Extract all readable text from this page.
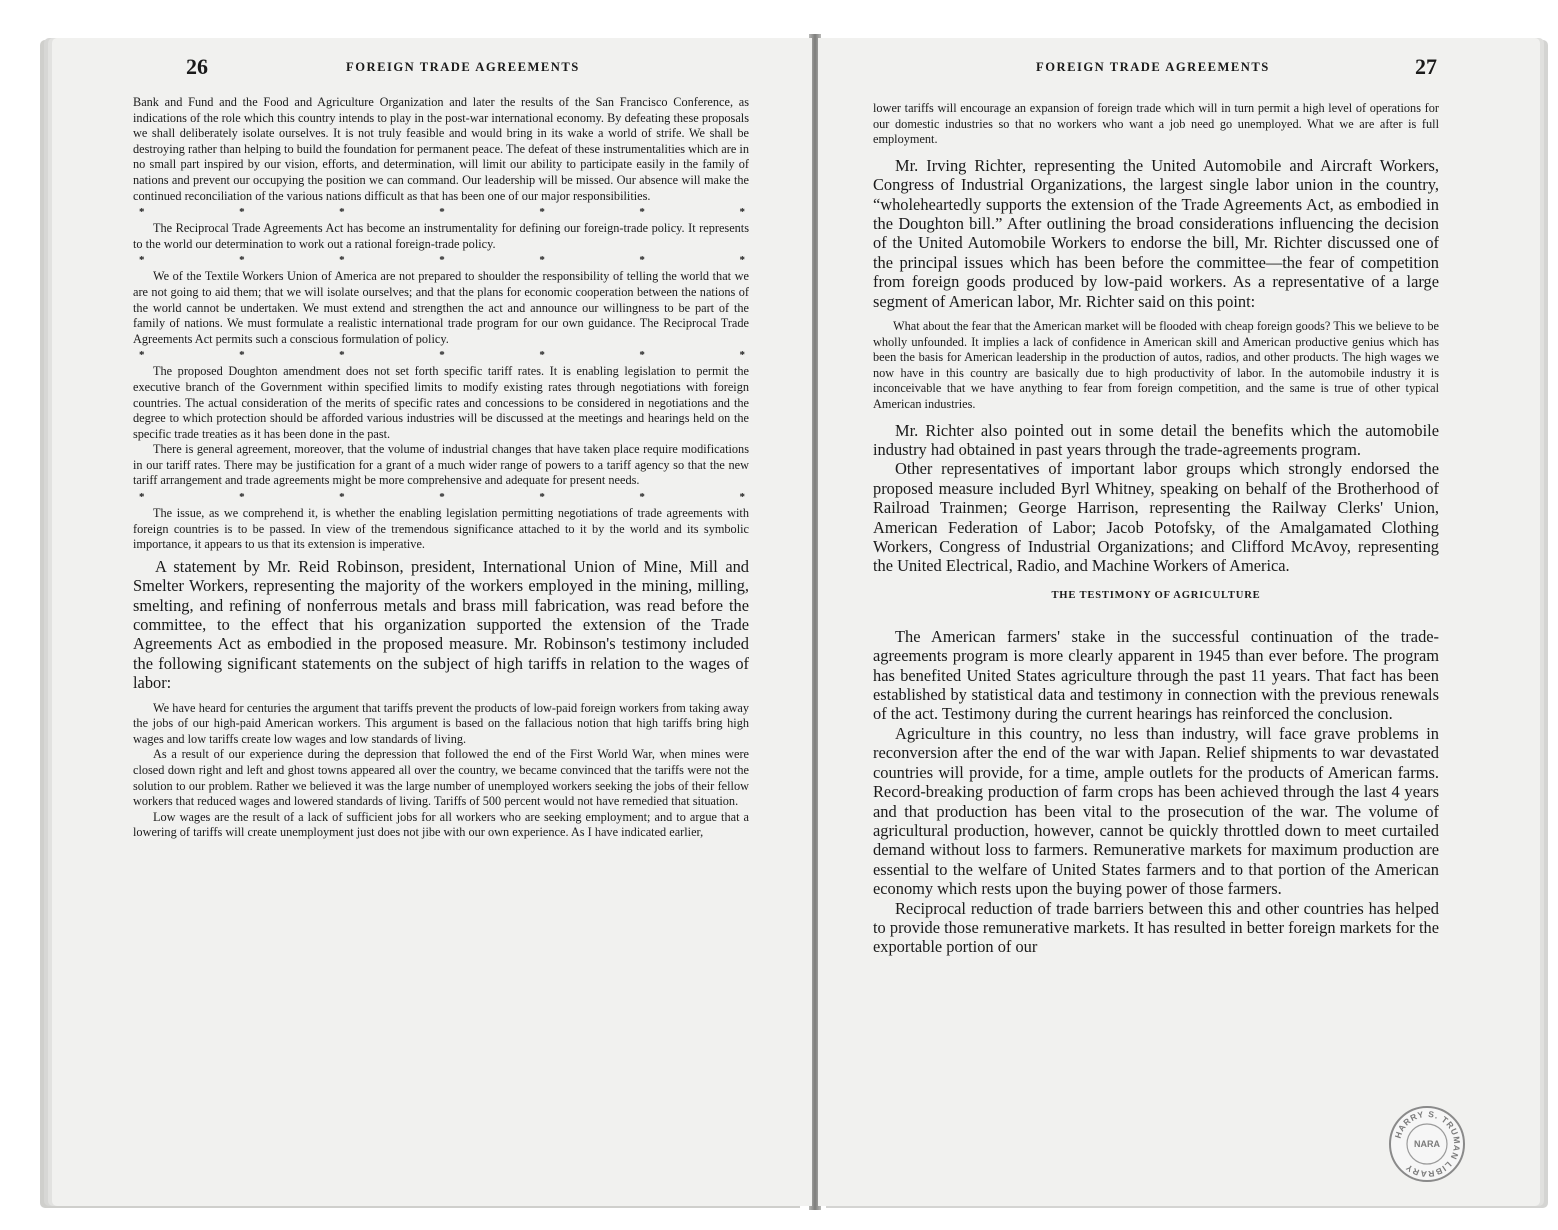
26	FOREIGN TRADE AGREEMENTS	FOREIGN TRADE AGREEMENTS	27

Bank and Fund and the Food and Agriculture Organization and later the results of the San Francisco Conference, as indications of the role which this country intends to play in the post-war international economy. By defeating these proposals we shall deliberately isolate ourselves. It is not truly feasible and would bring in its wake a world of strife. We shall be destroying rather than helping to build the foundation for permanent peace. The defeat of these instrumentalities which are in no small part inspired by our vision, efforts, and determination, will limit our ability to participate easily in the family of nations and prevent our occupying the position we can command. Our leadership will be missed. Our absence will make the continued reconciliation of the various nations difficult as that has been one of our major responsibilities.

*	*	*	*	*	*	*

The Reciprocal Trade Agreements Act has become an instrumentality for defining our foreign-trade policy. It represents to the world our determination to work out a rational foreign-trade policy.

*	*	*	*	*	*	*

We of the Textile Workers Union of America are not prepared to shoulder the responsibility of telling the world that we are not going to aid them; that we will isolate ourselves; and that the plans for economic cooperation between the nations of the world cannot be undertaken. We must extend and strengthen the act and announce our willingness to be part of the family of nations. We must formulate a realistic international trade program for our own guidance. The Reciprocal Trade Agreements Act permits such a conscious formulation of policy.

*	*	*	*	*	*	*

The proposed Doughton amendment does not set forth specific tariff rates. It is enabling legislation to permit the executive branch of the Government within specified limits to modify existing rates through negotiations with foreign countries. The actual consideration of the merits of specific rates and concessions to be considered in negotiations and the degree to which protection should be afforded various industries will be discussed at the meetings and hearings held on the specific trade treaties as it has been done in the past.

There is general agreement, moreover, that the volume of industrial changes that have taken place require modifications in our tariff rates. There may be justification for a grant of a much wider range of powers to a tariff agency so that the new tariff arrangement and trade agreements might be more comprehensive and adequate for present needs.

*	*	*	*	*	*	*

The issue, as we comprehend it, is whether the enabling legislation permitting negotiations of trade agreements with foreign countries is to be passed. In view of the tremendous significance attached to it by the world and its symbolic importance, it appears to us that its extension is imperative.

A statement by Mr. Reid Robinson, president, International Union of Mine, Mill and Smelter Workers, representing the majority of the workers employed in the mining, milling, smelting, and refining of nonferrous metals and brass mill fabrication, was read before the committee, to the effect that his organization supported the extension of the Trade Agreements Act as embodied in the proposed measure. Mr. Robinson's testimony included the following significant statements on the subject of high tariffs in relation to the wages of labor:

We have heard for centuries the argument that tariffs prevent the products of low-paid foreign workers from taking away the jobs of our high-paid American workers. This argument is based on the fallacious notion that high tariffs bring high wages and low tariffs create low wages and low standards of living.

As a result of our experience during the depression that followed the end of the First World War, when mines were closed down right and left and ghost towns appeared all over the country, we became convinced that the tariffs were not the solution to our problem. Rather we believed it was the large number of unemployed workers seeking the jobs of their fellow workers that reduced wages and lowered standards of living. Tariffs of 500 percent would not have remedied that situation.

Low wages are the result of a lack of sufficient jobs for all workers who are seeking employment; and to argue that a lowering of tariffs will create unemployment just does not jibe with our own experience. As I have indicated earlier,

lower tariffs will encourage an expansion of foreign trade which will in turn permit a high level of operations for our domestic industries so that no workers who want a job need go unemployed. What we are after is full employment.

Mr. Irving Richter, representing the United Automobile and Aircraft Workers, Congress of Industrial Organizations, the largest single labor union in the country, “wholeheartedly supports the extension of the Trade Agreements Act, as embodied in the Doughton bill.” After outlining the broad considerations influencing the decision of the United Automobile Workers to endorse the bill, Mr. Richter discussed one of the principal issues which has been before the committee—the fear of competition from foreign goods produced by low-paid workers. As a representative of a large segment of American labor, Mr. Richter said on this point:

What about the fear that the American market will be flooded with cheap foreign goods? This we believe to be wholly unfounded. It implies a lack of confidence in American skill and American productive genius which has been the basis for American leadership in the production of autos, radios, and other products. The high wages we now have in this country are basically due to high productivity of labor. In the automobile industry it is inconceivable that we have anything to fear from foreign competition, and the same is true of other typical American industries.

Mr. Richter also pointed out in some detail the benefits which the automobile industry had obtained in past years through the trade-agreements program.

Other representatives of important labor groups which strongly endorsed the proposed measure included Byrl Whitney, speaking on behalf of the Brotherhood of Railroad Trainmen; George Harrison, representing the Railway Clerks' Union, American Federation of Labor; Jacob Potofsky, of the Amalgamated Clothing Workers, Congress of Industrial Organizations; and Clifford McAvoy, representing the United Electrical, Radio, and Machine Workers of America.

THE TESTIMONY OF AGRICULTURE

The American farmers' stake in the successful continuation of the trade-agreements program is more clearly apparent in 1945 than ever before. The program has benefited United States agriculture through the past 11 years. That fact has been established by statistical data and testimony in connection with the previous renewals of the act. Testimony during the current hearings has reinforced the conclusion.

Agriculture in this country, no less than industry, will face grave problems in reconversion after the end of the war with Japan. Relief shipments to war devastated countries will provide, for a time, ample outlets for the products of American farms. Record-breaking production of farm crops has been achieved through the last 4 years and that production has been vital to the prosecution of the war. The volume of agricultural production, however, cannot be quickly throttled down to meet curtailed demand without loss to farmers. Remunerative markets for maximum production are essential to the welfare of United States farmers and to that portion of the American economy which rests upon the buying power of those farmers.

Reciprocal reduction of trade barriers between this and other countries has helped to provide those remunerative markets. It has resulted in better foreign markets for the exportable portion of our

HARRY S. TRUMAN LIBRARY
NARA
